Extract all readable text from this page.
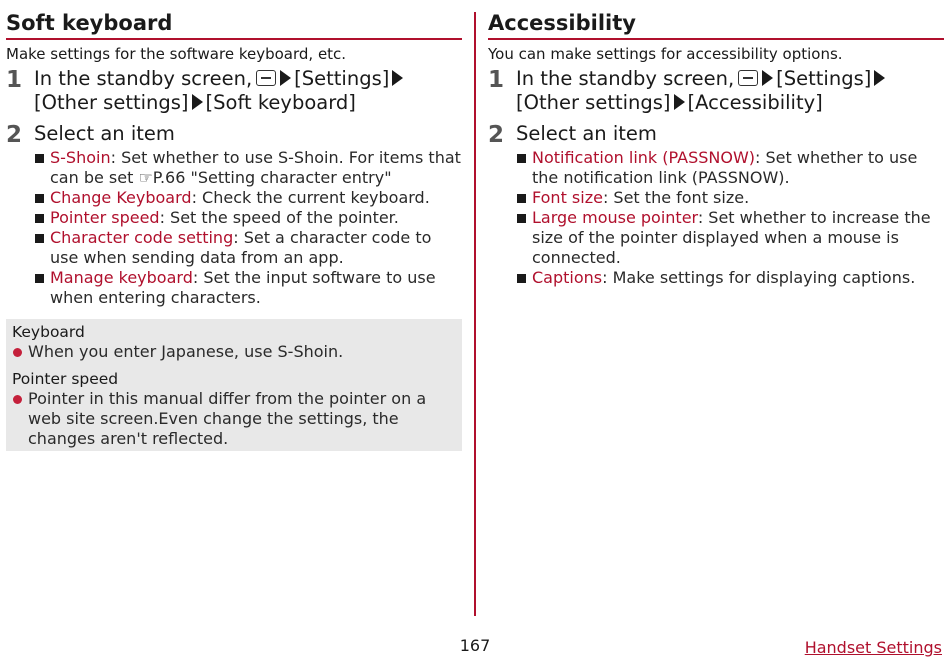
Soft keyboard

Make settings for the software keyboard, etc.

1 In the standby screen, [Settings]
[Other settings] [Soft keyboard]
2 Select an item
S-Shoin: Set whether to use S-Shoin. For items that can be set ☞P.66 "Setting character entry"
Change Keyboard: Check the current keyboard.
Pointer speed: Set the speed of the pointer.
Character code setting: Set a character code to use when sending data from an app.
Manage keyboard: Set the input software to use when entering characters.
Keyboard
When you enter Japanese, use S-Shoin.
Pointer speed
Pointer in this manual differ from the pointer on a web site screen.Even change the settings, the changes aren't reflected.
Accessibility

You can make settings for accessibility options.

1 In the standby screen, [Settings]
[Other settings] [Accessibility]
2 Select an item
Notification link (PASSNOW): Set whether to use the notification link (PASSNOW).
Font size: Set the font size.
Large mouse pointer: Set whether to increase the size of the pointer displayed when a mouse is connected.
Captions: Make settings for displaying captions.
167	Handset Settings
